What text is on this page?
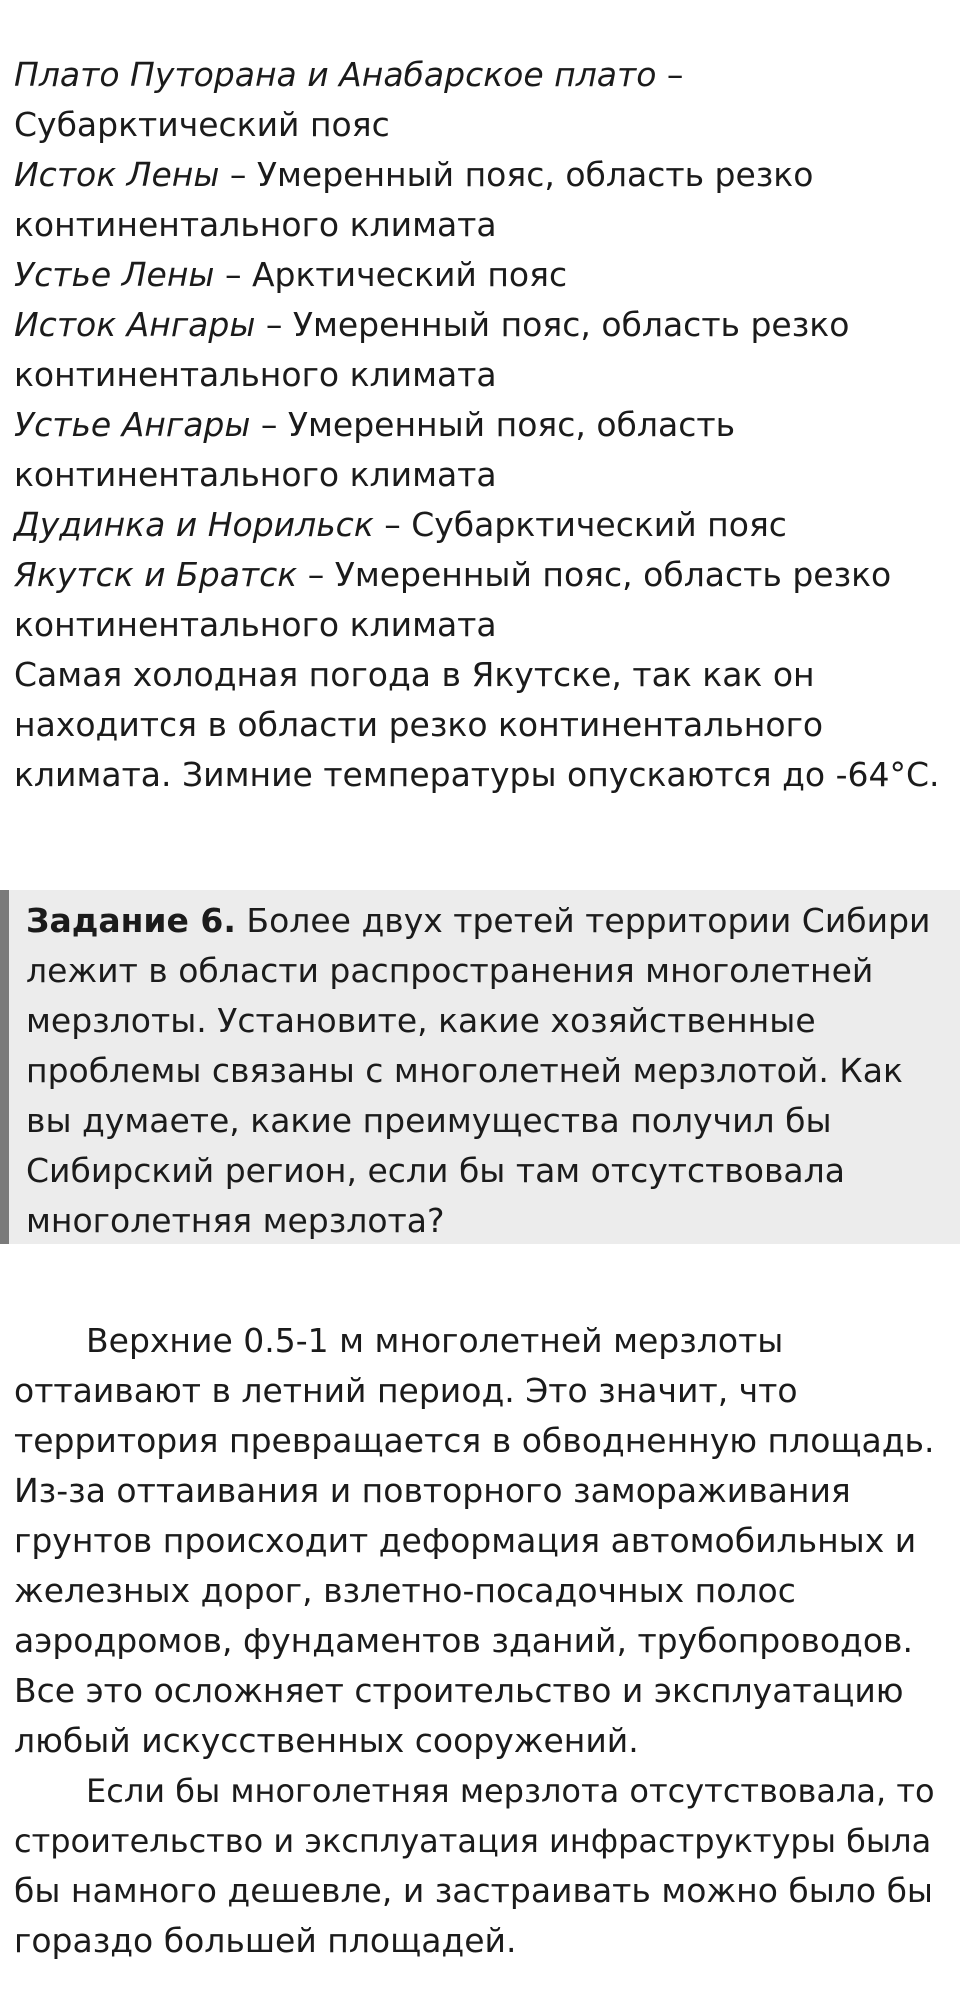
Плато Путорана и Анабарское плато –
Субарктический пояс
Исток Лены – Умеренный пояс, область резко
континентального климата
Устье Лены – Арктический пояс
Исток Ангары – Умеренный пояс, область резко
континентального климата
Устье Ангары – Умеренный пояс, область
континентального климата
Дудинка и Норильск – Субарктический пояс
Якутск и Братск – Умеренный пояс, область резко
континентального климата
Самая холодная погода в Якутске, так как он
находится в области резко континентального
климата. Зимние температуры опускаются до -64°С.
Задание 6. Более двух третей территории Сибири
лежит в области распространения многолетней
мерзлоты. Установите, какие хозяйственные
проблемы связаны с многолетней мерзлотой. Как
вы думаете, какие преимущества получил бы
Сибирский регион, если бы там отсутствовала
многолетняя мерзлота?
Верхние 0.5-1 м многолетней мерзлоты
оттаивают в летний период. Это значит, что
территория превращается в обводненную площадь.
Из-за оттаивания и повторного замораживания
грунтов происходит деформация автомобильных и
железных дорог, взлетно-посадочных полос
аэродромов, фундаментов зданий, трубопроводов.
Все это осложняет строительство и эксплуатацию
любый искусственных сооружений.
Если бы многолетняя мерзлота отсутствовала, то
строительство и эксплуатация инфраструктуры была
бы намного дешевле, и застраивать можно было бы
гораздо большей площадей.
